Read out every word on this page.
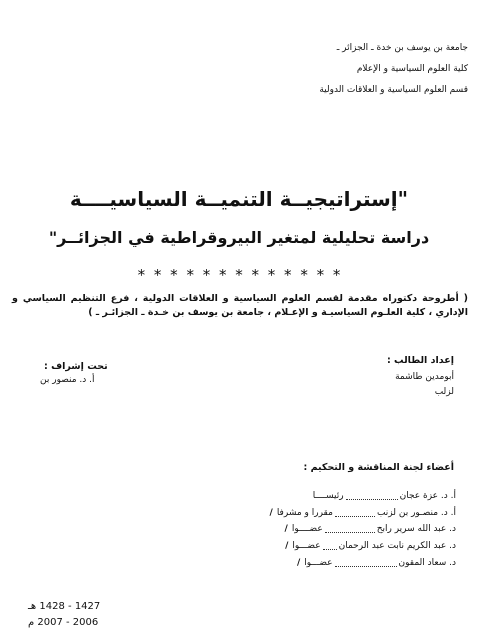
جامعة بن يوسف بن خدة ـ الجزائر ـ
كلية العلوم السياسية و الإعلام
قسم العلوم السياسية و العلاقات الدولية
"إستراتيجيــة التنميــة السياسيــــة
دراسة تحليلية لمتغير البيروقراطية في الجزائــر"
* * * * * * * * * * * * *
( أطروحة دكتوراه مقدمة لقسم العلوم السياسية و العلاقات الدولية ، فرع التنظيم السياسي و الإداري ، كلية العلـوم السياسيـة و الإعـلام ، جامعة بن يوسف بن خـدة ـ الجزائـر ـ )
إعداد الطالب :
أبومدين طاشمة
لزلب
تحت إشراف :
أ. د. منصور بن
أعضاء لجنة المناقشة و التحكيم :
أ. د. عزة عجان
رئيســــا
أ. د. منصـور بن لزنب
مقررا و مشرفا
/
د. عبد الله سرير رابح
عضــــوا
/
د. عبد الكريم نابت عبد الرحمان
عضـــوا
/
د. سعاد المقون
عضـــوا
/
1427 - 1428 هـ
2006 - 2007 م
